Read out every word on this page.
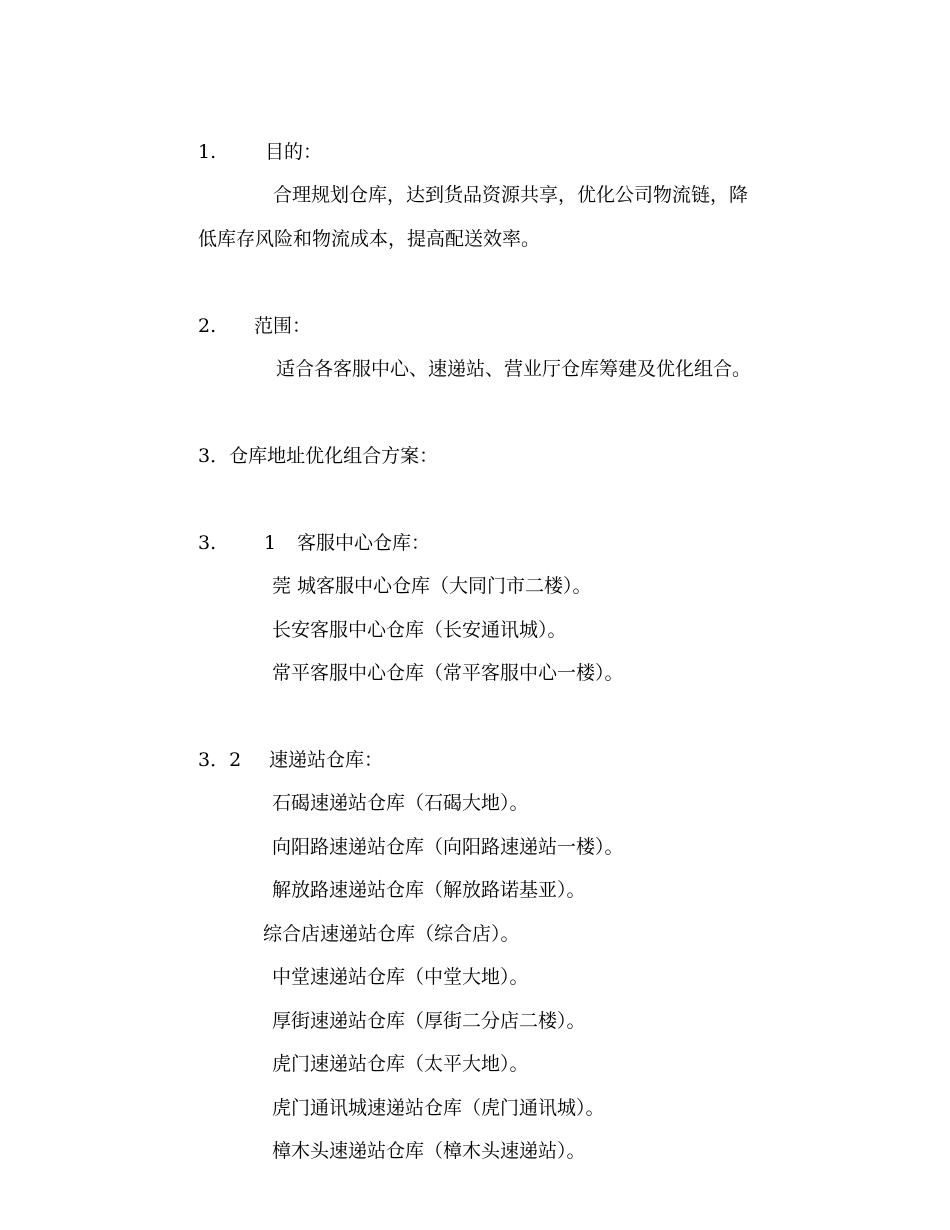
1.	目的：
合理规划仓库，达到货品资源共享，优化公司物流链，降
低库存风险和物流成本，提高配送效率。
2. 范围：
适合各客服中心、速递站、营业厅仓库筹建及优化组合。
3．仓库地址优化组合方案：
3.	1 客服中心仓库：
莞 城客服中心仓库（大同门市二楼）。
长安客服中心仓库（长安通讯城）。
常平客服中心仓库（常平客服中心一楼）。
3．2 速递站仓库：
石碣速递站仓库（石碣大地）。
向阳路速递站仓库（向阳路速递站一楼）。
解放路速递站仓库（解放路诺基亚）。
综合店速递站仓库（综合店）。
中堂速递站仓库（中堂大地）。
厚街速递站仓库（厚街二分店二楼）。
虎门速递站仓库（太平大地）。
虎门通讯城速递站仓库（虎门通讯城）。
樟木头速递站仓库（樟木头速递站）。
